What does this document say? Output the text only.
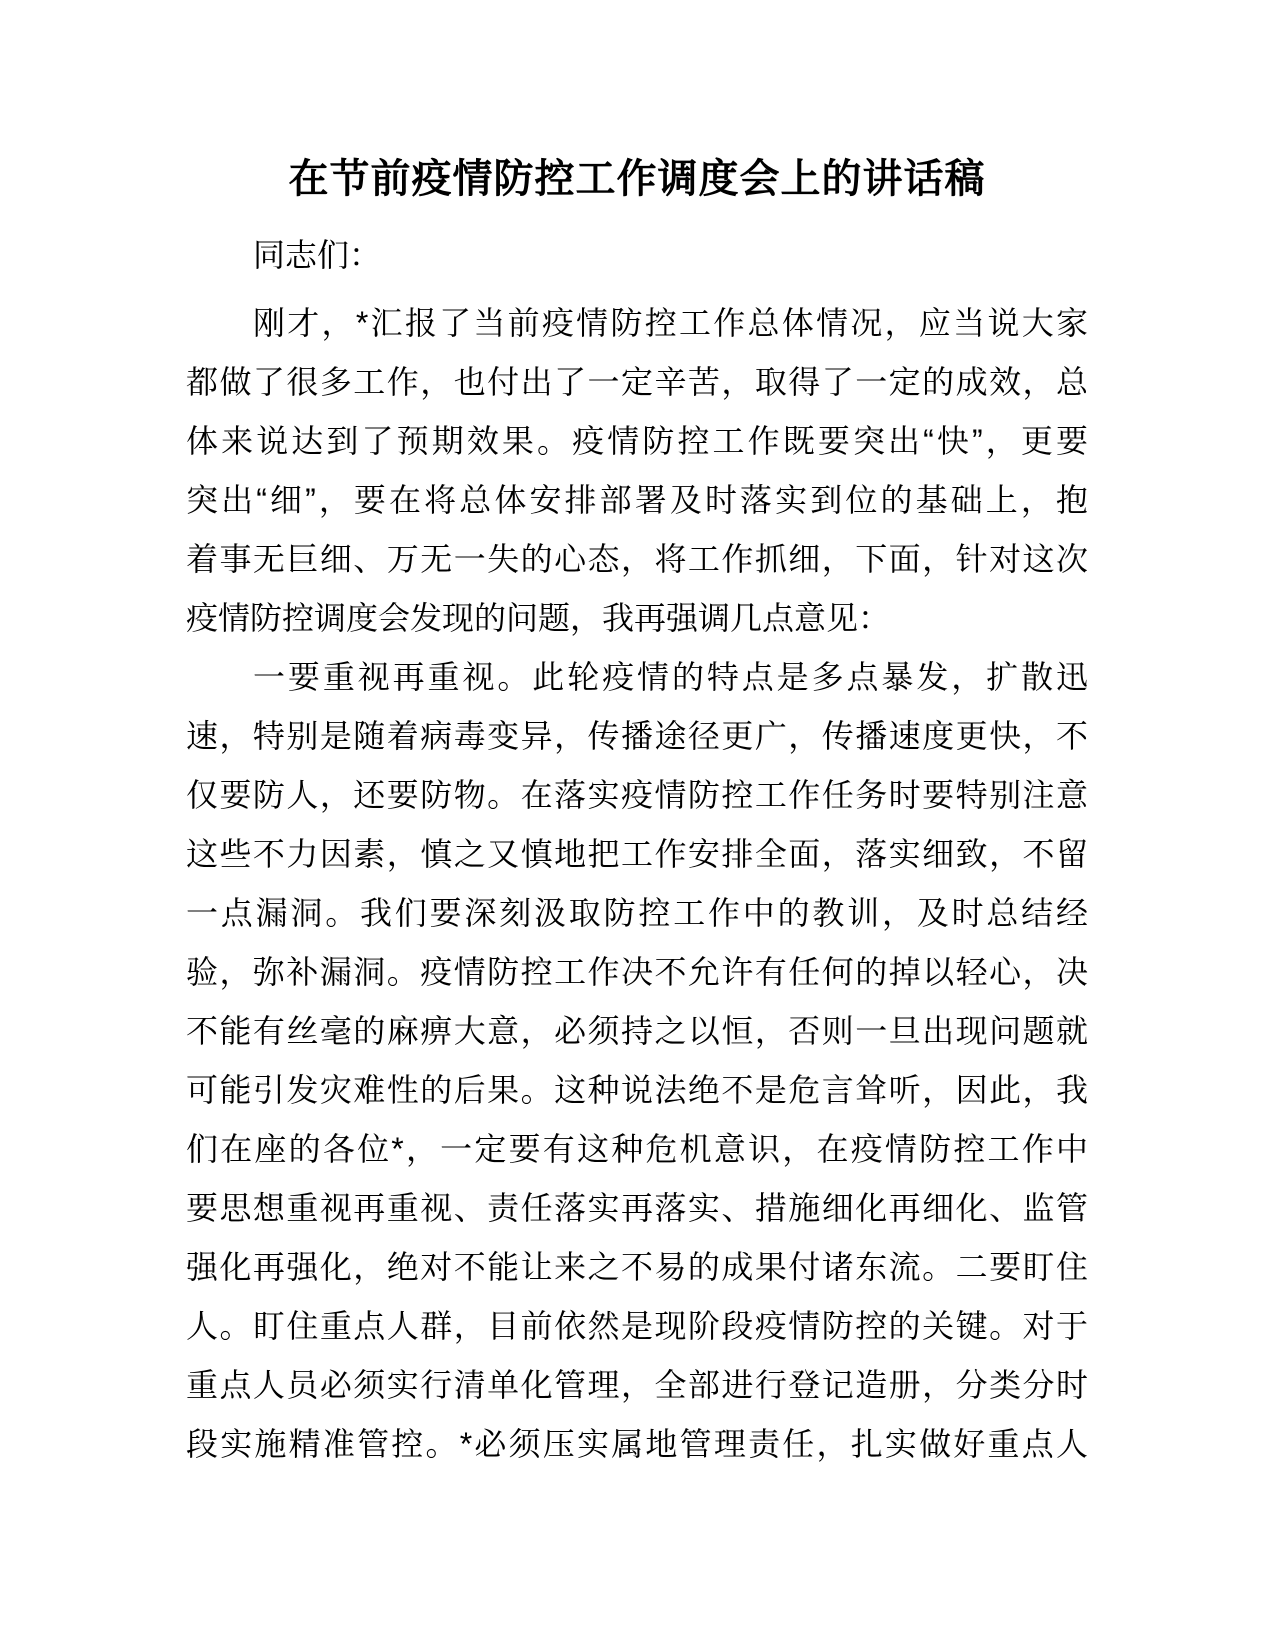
在节前疫情防控工作调度会上的讲话稿
同志们：
刚才，*汇报了当前疫情防控工作总体情况，应当说大家
都做了很多工作，也付出了一定辛苦，取得了一定的成效，总
体来说达到了预期效果。疫情防控工作既要突出“快”，更要
突出“细”，要在将总体安排部署及时落实到位的基础上，抱
着事无巨细、万无一失的心态，将工作抓细，下面，针对这次
疫情防控调度会发现的问题，我再强调几点意见：
一要重视再重视。此轮疫情的特点是多点暴发，扩散迅
速，特别是随着病毒变异，传播途径更广，传播速度更快，不
仅要防人，还要防物。在落实疫情防控工作任务时要特别注意
这些不力因素，慎之又慎地把工作安排全面，落实细致，不留
一点漏洞。我们要深刻汲取防控工作中的教训，及时总结经
验，弥补漏洞。疫情防控工作决不允许有任何的掉以轻心，决
不能有丝毫的麻痹大意，必须持之以恒，否则一旦出现问题就
可能引发灾难性的后果。这种说法绝不是危言耸听，因此，我
们在座的各位*，一定要有这种危机意识，在疫情防控工作中
要思想重视再重视、责任落实再落实、措施细化再细化、监管
强化再强化，绝对不能让来之不易的成果付诸东流。二要盯住
人。盯住重点人群，目前依然是现阶段疫情防控的关键。对于
重点人员必须实行清单化管理，全部进行登记造册，分类分时
段实施精准管控。*必须压实属地管理责任，扎实做好重点人
